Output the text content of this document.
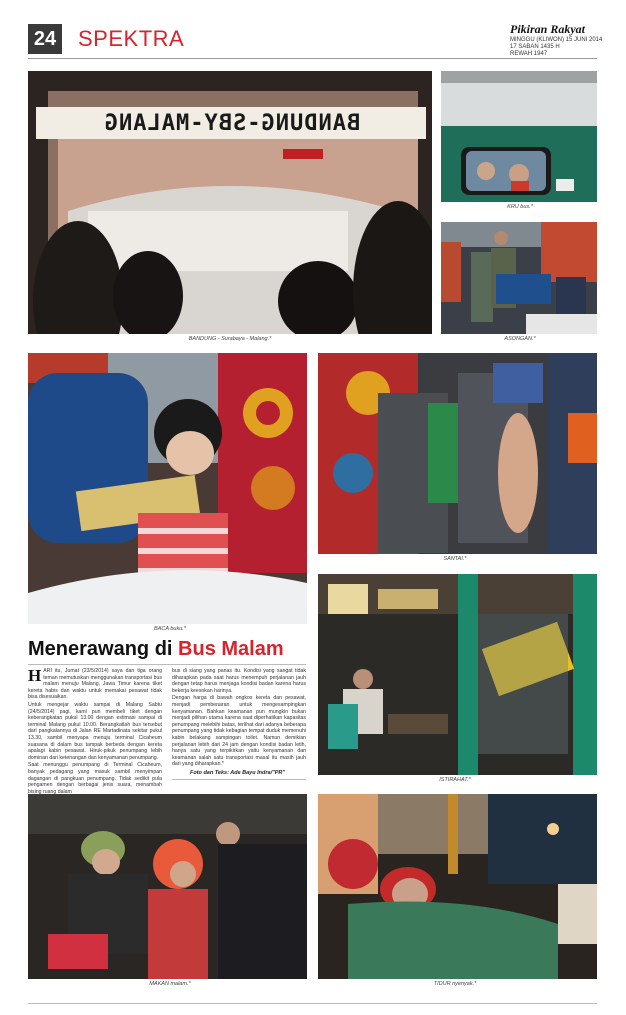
24 SPEKTRA	Pikiran Rakyat
MINGGU (KLIWON) 15 JUNI 2014
17 SABAN 1435 H
REWAH 1947
BANDUNG-SBY-MALANG
BANDUNG - Surabaya - Malang.*
KRU bus.*
ASONGAN.*
BACA buku.*
SANTAI.*
ISTIRAHAT.*
MAKAN malam.*	TIDUR nyenyak.*
Menerawang di Bus Malam

HARI itu, Jumat (23/5/2014) saya dan tiga orang teman memutuskan menggunakan transportasi bus malam menuju Malang, Jawa Timur karena tiket kereta habis dan waktu untuk memakai pesawat tidak bisa disesuaikan.

Untuk mengejar waktu sampai di Malang Sabtu (24/5/2014) pagi, kami pun membeli tiket dengan keberangkatan pukul 13.00 dengan estimasi sampai di terminal Malang pukul 10.00. Berangkatlah bus tersebut dari pangkalannya di Jalan RE Martadinata sekitar pukul 13.30, sambil menyapa menuju terminal Cicaheum suasana di dalam bus tampak berbeda dengan kereta apalagi kabin pesawat. Hiruk-pikuk penumpang lebih dominan dari ketenangan dan kenyamanan penumpang.

Saat menunggu penumpang di Terminal Cicaheum, banyak pedagang yang masuk sambil menyimpan dagangan di pangkuan penumpang. Tidak sedikit pula pengamen dengan berbagai jenis suara, menambah bising ruang dalam

bus di siang yang panas itu. Kondisi yang sangat tidak diharapkan pada saat harus menempuh perjalanan jauh dengan tetap harus menjaga kondisi badan karena harus bekerja keesokan harinya.

Dengan harga di bawah ongkos kereta dan pesawat, menjadi pembenaran untuk mengesampingkan kenyamanan. Bahkan keamanan pun mungkin bukan menjadi pilihan utama karena saat diperhatikan kapasitas penumpang melebihi batas, terlihat dari adanya beberapa penumpang yang tidak kebagian tempat duduk memenuhi kabin belakang sampingan toilet. Namun demikian perjalanan lebih dari 24 jam dengan kondisi badan letih, hanya satu yang terpikirkan yaitu kenyamanan dan keamanan salah satu transportasi masal itu masih jauh dari yang diharapkan.*

Foto dan Teks: Ade Bayu Indra/"PR"
